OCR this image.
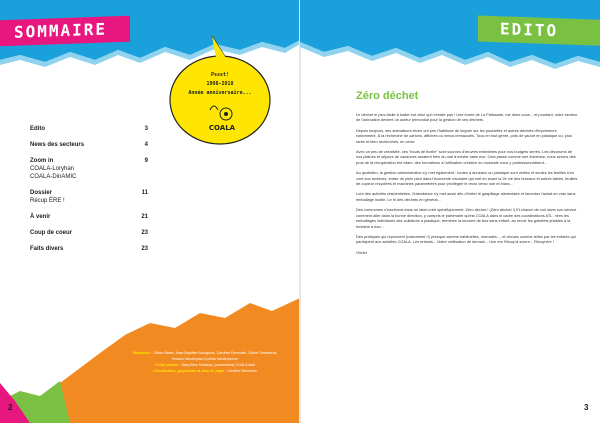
SOMMAIRE
Pssst!
1998-2018
Année anniversaire...
COALA
Edito	3
News des secteurs	4
Zoom in	9
COALA-Loryhan
COALA-DinAMIC
Dossier	11
Récup ÈRE !
À venir	21
Coup de coeur	23
Faits divers	23
Rédaction : Olivier Baser, Jean-Baptiste Bourgeois, Caroline Demoulin, Olivier Déseleens,
Vincent Vanderplas,Cynthia Vanderperren
Crédit photos : Mary Bien Crabeau, (coursefans) COALA asbl
Coordination, graphisme et mise en page : Caroline Demoulin
2	3
EDITO
Zéro déchet

Le déchet le plus facile à traiter est celui qui n'existe pas ! Une forme de La Palissade, me direz-vous... et pourtant, notre secteur de l'animation devient un acteur primordial pour la gestion de ces déchets.

Depuis toujours, ses animateurs-trices ont pris l'habitude de lorgner sur les poubelles et autres déchets d'imprimeurs notamment. À la recherche de cartons, affiches ou venus immaculés. Tous en tout genre, pots de yaourt en plastique ou, plus rares et bien recherchés, en verre.

Avec un peu de créativité, ces "bouts de ficelle" sont sources d'œuvres enfantines pour nos budgets serrés. Les décorums de nos plaines et séjours de vacances auraient bien du mal à exister sans eux. Cela passe comme une évidence, nous serons des pros de la récupération est vitam, des formations à l'utilisation créative ou musicale nous y professionnalisent...

Au quotidien, la gestion administrative s'y met également : toutes à anneaux ou plastique sont vidées et seules les feuilles s'en vont aux archives, entrer de plein pied dans l'économie circulaire qui met en avant la 2e vie des bureaux et autres tables, feuilles de copieur recyclées et machines paramétrées pour privilégier le recto verso noir et blanc...

Lors des activités résidentielles, l'intendance s'y met aussi afin d'éviter le gaspillage alimentaire et favoriser l'achat en vrac sans emballage inutile. Le tri des déchets en général...

Des communes s'inscrivent dans un label créé spécifiquement. Zéro déchet ! (Zéro déchet !) Et chacun de voir dans son service comment aller dans la bonne direction, y compris le partenaire qu'est COALA dans le cadre des coordinations ATL : tires les emballages individuels des collations à plastique, terminée la tournée de bus sans enfant, au revoir les gobelets jetables à la fontaine à eau...

Des pratiques qui répondent (raisonnent !!) presque comme habituelles, normales..., et vécues comme telles par les enfants qui participent aux activités COALA. Les enfants... Notre civilisation de demain... Une ère Récup'à suivre... Récup'ère !

Olivier
